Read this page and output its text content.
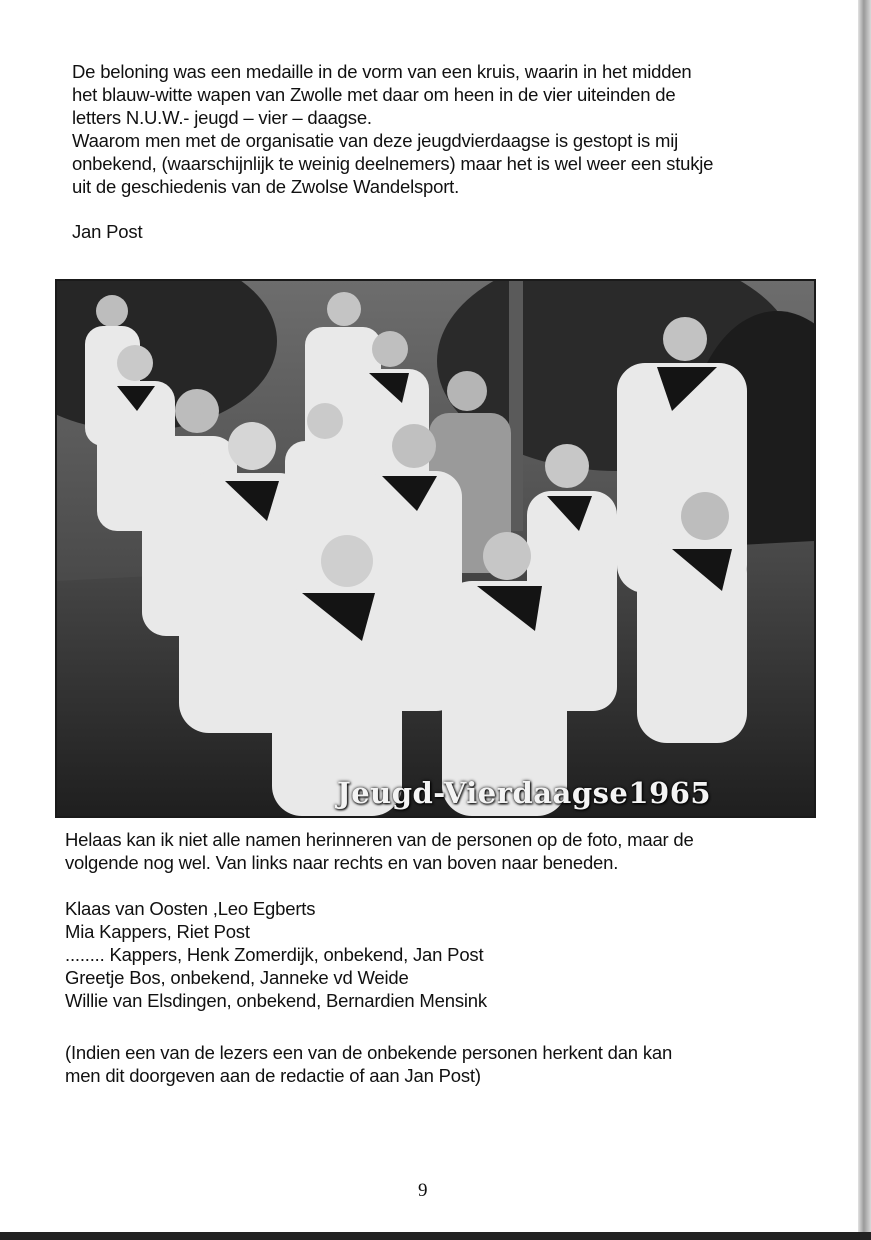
De beloning was een medaille in de vorm van een kruis, waarin in het midden
het blauw-witte wapen van Zwolle met daar om heen in de vier uiteinden de
letters N.U.W.- jeugd – vier – daagse.
Waarom men met de organisatie van deze jeugdvierdaagse is gestopt is mij
onbekend, (waarschijnlijk te weinig deelnemers) maar het is wel weer een stukje
uit de geschiedenis van de Zwolse Wandelsport.
Jan Post
Jeugd-Vierdaagse1965
Helaas kan ik niet alle namen herinneren van de personen op de foto, maar de
volgende nog wel. Van links naar rechts en van boven naar beneden.
Klaas van Oosten ,Leo Egberts
Mia Kappers, Riet Post
........ Kappers, Henk Zomerdijk, onbekend, Jan Post
Greetje Bos, onbekend, Janneke vd Weide
Willie van Elsdingen, onbekend, Bernardien Mensink
(Indien een van de lezers een van de onbekende personen herkent dan kan
men dit doorgeven aan de redactie of aan Jan Post)
9
